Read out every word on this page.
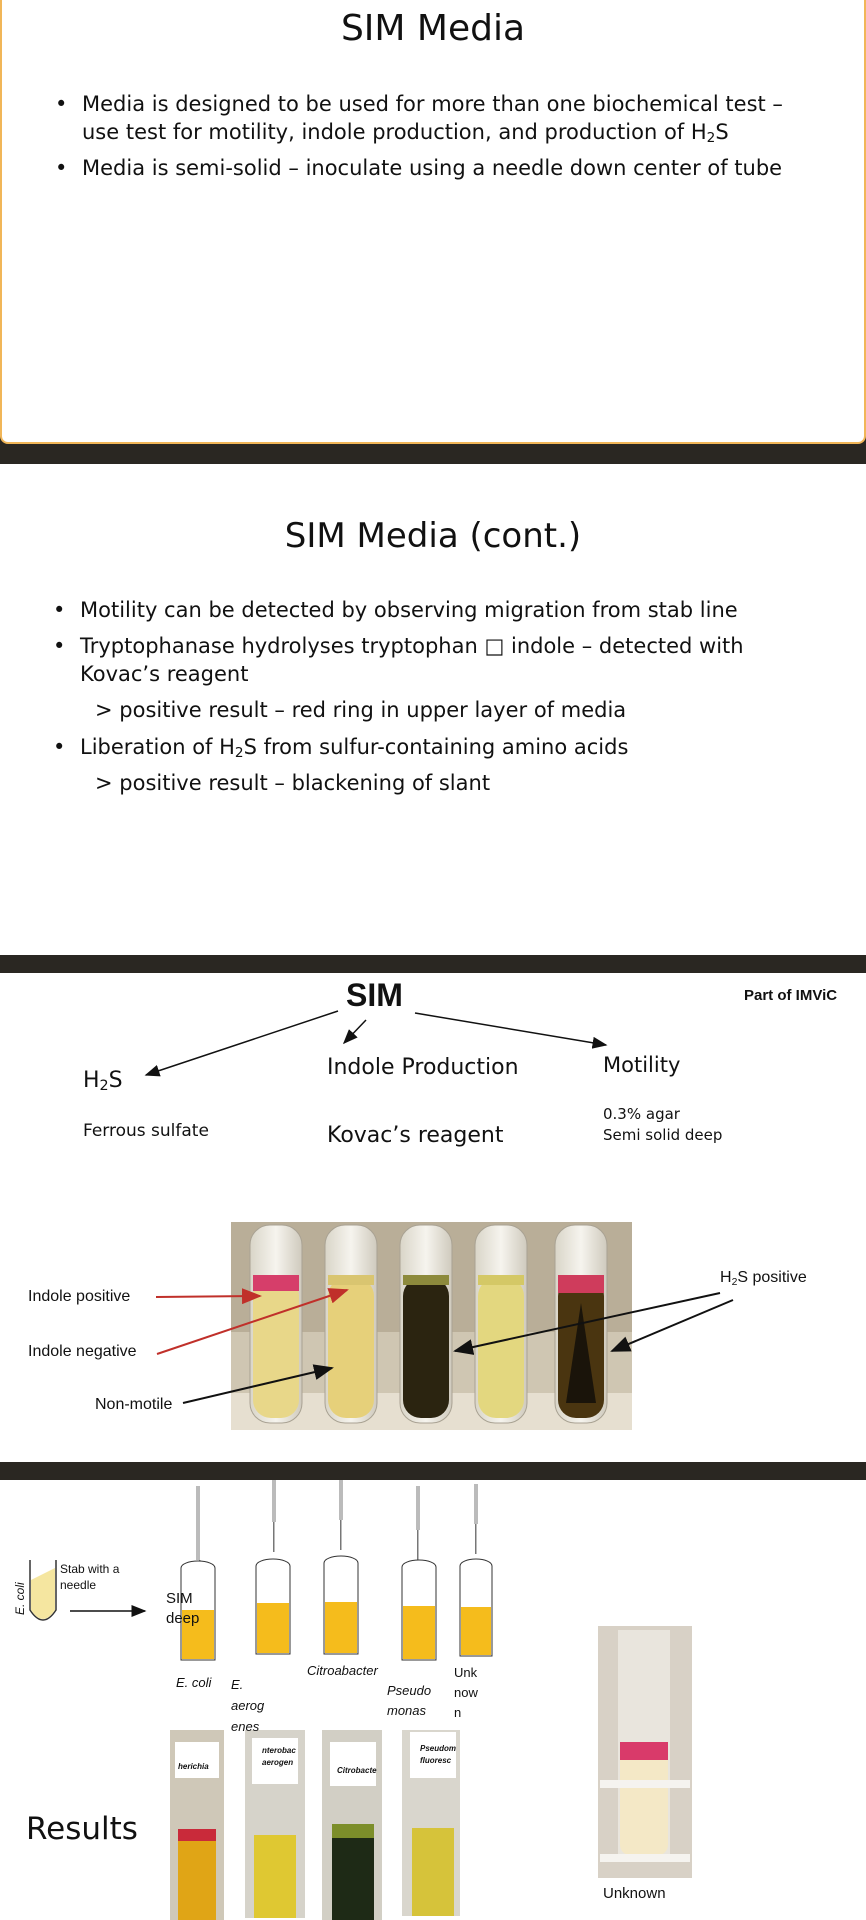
SIM Media
• Media is designed to be used for more than one biochemical test –
use test for motility, indole production, and production of $H_2S$
• Media is semi-solid – inoculate using a needle down center of tube
SIM Media (cont.)
• Motility can be detected by observing migration from stab line
• Tryptophanase hydrolyses tryptophan □ indole – detected with
Kovac’s reagent
> positive result – red ring in upper layer of media
• Liberation of $H_2S$ from sulfur-containing amino acids
> positive result – blackening of slant
SIM	Part of IMViC
$H_2S$
Indole Production	Motility
Ferrous sulfate	Kovac’s reagent
0.3% agar
Semi solid deep
Indole positive
Indole negative
Non-motile
$H_2S$ positive
Stab with a
needle
E. coli	SIM
deep
E. coli E.
aerog
enes
Citroabacter
Pseudo
monas
Unk
now
n
herichia
nterobac
aerogen
Citrobacte
Pseudom
fluoresc
Results
Unknown
